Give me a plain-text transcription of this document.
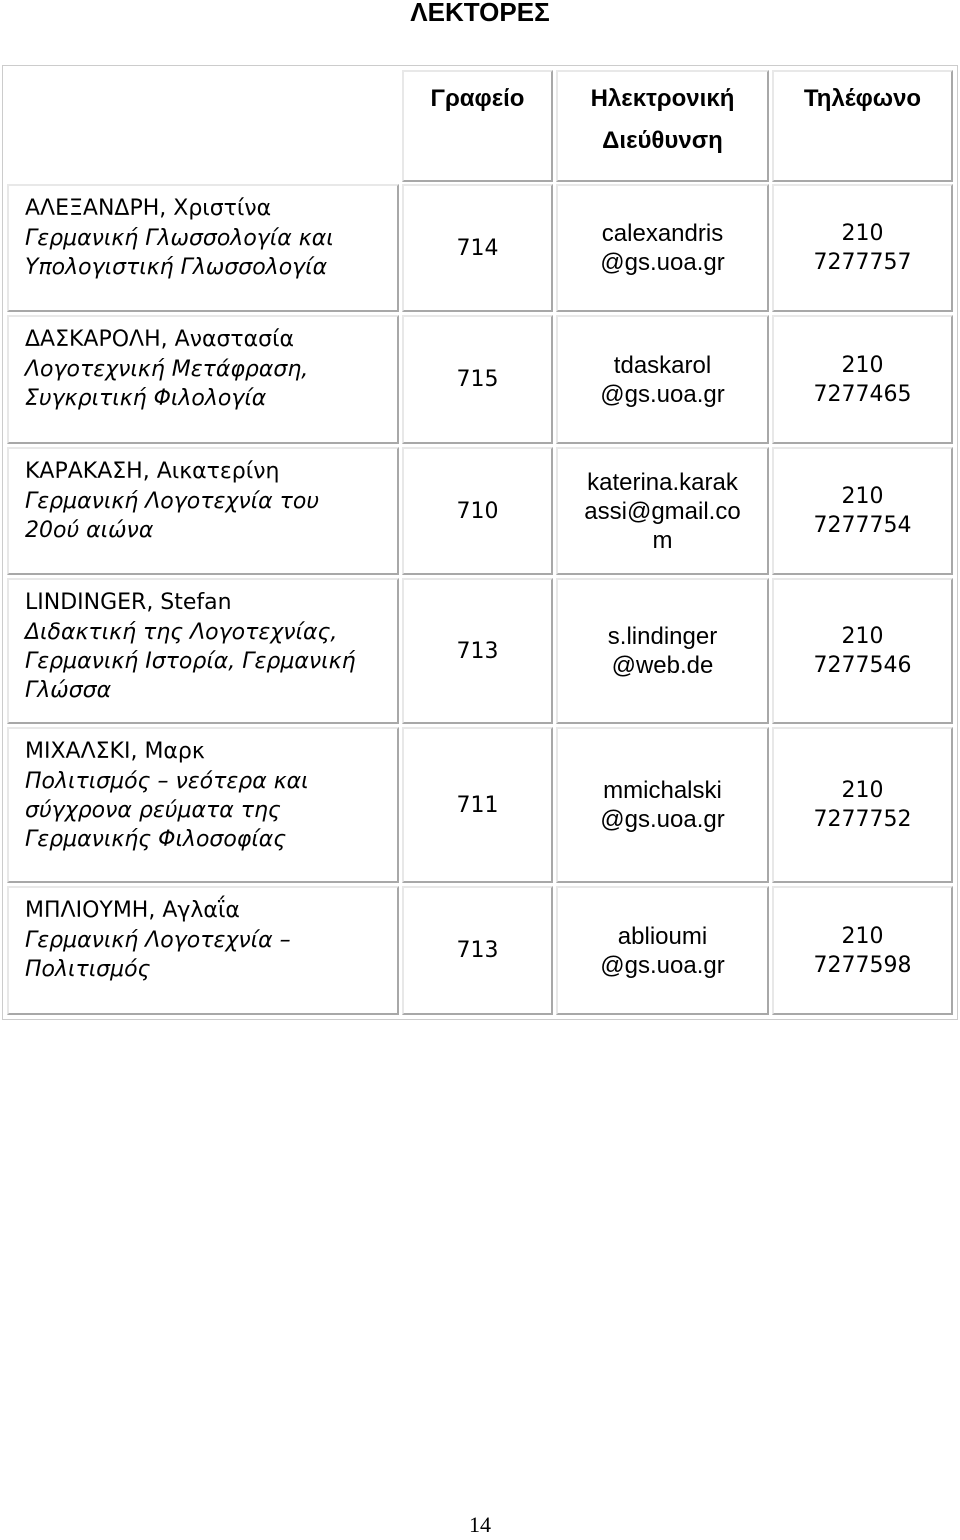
ΛΕΚΤΟΡΕΣ
Γραφείο	Ηλεκτρονική
Διεύθυνση
Τηλέφωνο
ΑΛΕΞΑΝΔΡΗ, Χριστίνα
Γερμανική Γλωσσολογία και
Υπολογιστική Γλωσσολογία
714
calexandris
@gs.uoa.gr
210
7277757
ΔΑΣΚΑΡΟΛΗ, Αναστασία
Λογοτεχνική Μετάφραση,
Συγκριτική Φιλολογία
715
tdaskarol
@gs.uoa.gr
210
7277465
ΚΑΡΑΚΑΣΗ, Αικατερίνη
Γερμανική Λογοτεχνία του
20ού αιώνα
710
katerina.karak
assi@gmail.co
m
210
7277754
LINDINGER, Stefan
Διδακτική της Λογοτεχνίας,
Γερμανική Ιστορία, Γερμανική
Γλώσσα
713
s.lindinger
@web.de
210
7277546
ΜΙΧΑΛΣΚΙ, Μαρκ
Πολιτισμός – νεότερα και
σύγχρονα ρεύματα της
Γερμανικής Φιλοσοφίας
711
mmichalski
@gs.uoa.gr
210
7277752
ΜΠΛΙΟΥΜΗ, Αγλαΐα
Γερμανική Λογοτεχνία –
Πολιτισμός
713
ablioumi
@gs.uoa.gr
210
7277598
14
